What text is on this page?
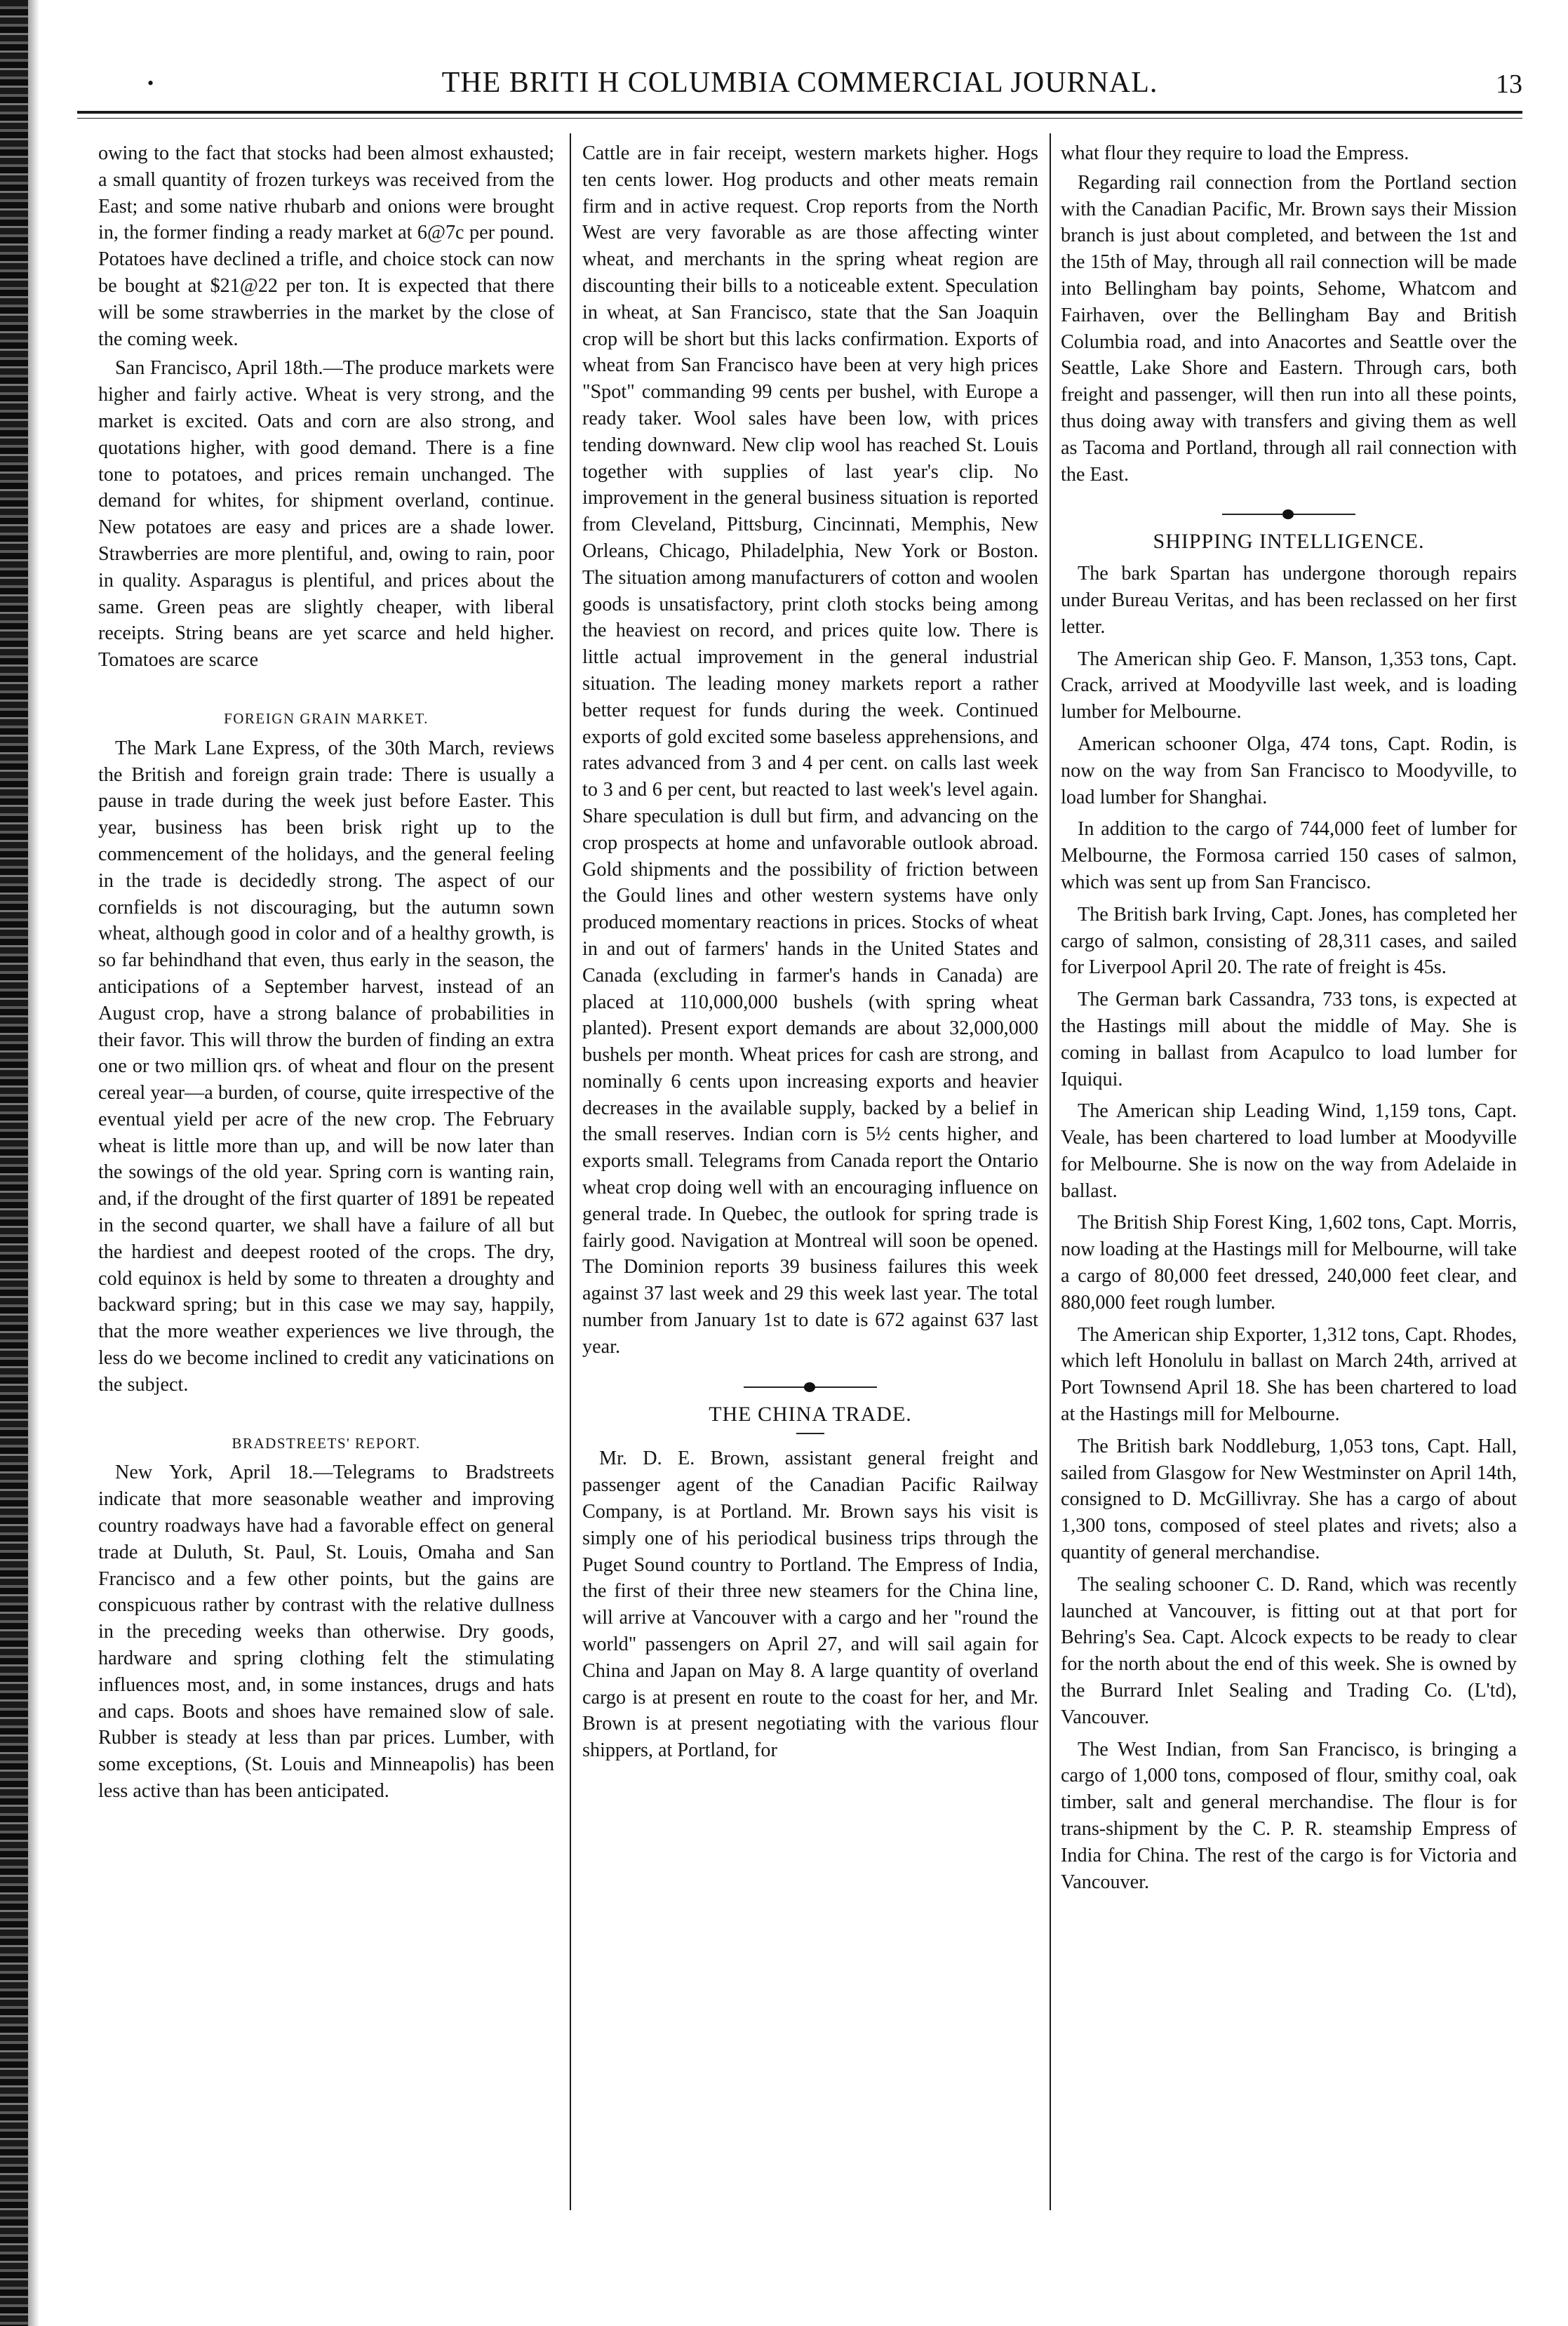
•	THE BRITI H COLUMBIA COMMERCIAL JOURNAL.	13

owing to the fact that stocks had been almost exhausted; a small quantity of frozen turkeys was received from the East; and some native rhubarb and onions were brought in, the former finding a ready market at 6@7c per pound. Potatoes have declined a trifle, and choice stock can now be bought at $21@22 per ton. It is expected that there will be some strawberries in the market by the close of the coming week.

San Francisco, April 18th.—The produce markets were higher and fairly active. Wheat is very strong, and the market is excited. Oats and corn are also strong, and quotations higher, with good demand. There is a fine tone to potatoes, and prices remain unchanged. The demand for whites, for shipment overland, continue. New potatoes are easy and prices are a shade lower. Strawberries are more plentiful, and, owing to rain, poor in quality. Asparagus is plentiful, and prices about the same. Green peas are slightly cheaper, with liberal receipts. String beans are yet scarce and held higher. Tomatoes are scarce

FOREIGN GRAIN MARKET.

The Mark Lane Express, of the 30th March, reviews the British and foreign grain trade: There is usually a pause in trade during the week just before Easter. This year, business has been brisk right up to the commencement of the holidays, and the general feeling in the trade is decidedly strong. The aspect of our cornfields is not discouraging, but the autumn sown wheat, although good in color and of a healthy growth, is so far behindhand that even, thus early in the season, the anticipations of a September harvest, instead of an August crop, have a strong balance of probabilities in their favor. This will throw the burden of finding an extra one or two million qrs. of wheat and flour on the present cereal year—a burden, of course, quite irrespective of the eventual yield per acre of the new crop. The February wheat is little more than up, and will be now later than the sowings of the old year. Spring corn is wanting rain, and, if the drought of the first quarter of 1891 be repeated in the second quarter, we shall have a failure of all but the hardiest and deepest rooted of the crops. The dry, cold equinox is held by some to threaten a droughty and backward spring; but in this case we may say, happily, that the more weather experiences we live through, the less do we become inclined to credit any vaticinations on the subject.

BRADSTREETS' REPORT.

New York, April 18.—Telegrams to Bradstreets indicate that more seasonable weather and improving country roadways have had a favorable effect on general trade at Duluth, St. Paul, St. Louis, Omaha and San Francisco and a few other points, but the gains are conspicuous rather by contrast with the relative dullness in the preceding weeks than otherwise. Dry goods, hardware and spring clothing felt the stimulating influences most, and, in some instances, drugs and hats and caps. Boots and shoes have remained slow of sale. Rubber is steady at less than par prices. Lumber, with some exceptions, (St. Louis and Minneapolis) has been less active than has been anticipated.

Cattle are in fair receipt, western markets higher. Hogs ten cents lower. Hog products and other meats remain firm and in active request. Crop reports from the North West are very favorable as are those affecting winter wheat, and merchants in the spring wheat region are discounting their bills to a noticeable extent. Speculation in wheat, at San Francisco, state that the San Joaquin crop will be short but this lacks confirmation. Exports of wheat from San Francisco have been at very high prices "Spot" commanding 99 cents per bushel, with Europe a ready taker. Wool sales have been low, with prices tending downward. New clip wool has reached St. Louis together with supplies of last year's clip. No improvement in the general business situation is reported from Cleveland, Pittsburg, Cincinnati, Memphis, New Orleans, Chicago, Philadelphia, New York or Boston. The situation among manufacturers of cotton and woolen goods is unsatisfactory, print cloth stocks being among the heaviest on record, and prices quite low. There is little actual improvement in the general industrial situation. The leading money markets report a rather better request for funds during the week. Continued exports of gold excited some baseless apprehensions, and rates advanced from 3 and 4 per cent. on calls last week to 3 and 6 per cent, but reacted to last week's level again. Share speculation is dull but firm, and advancing on the crop prospects at home and unfavorable outlook abroad. Gold shipments and the possibility of friction between the Gould lines and other western systems have only produced momentary reactions in prices. Stocks of wheat in and out of farmers' hands in the United States and Canada (excluding in farmer's hands in Canada) are placed at 110,000,000 bushels (with spring wheat planted). Present export demands are about 32,000,000 bushels per month. Wheat prices for cash are strong, and nominally 6 cents upon increasing exports and heavier decreases in the available supply, backed by a belief in the small reserves. Indian corn is 5½ cents higher, and exports small. Telegrams from Canada report the Ontario wheat crop doing well with an encouraging influence on general trade. In Quebec, the outlook for spring trade is fairly good. Navigation at Montreal will soon be opened. The Dominion reports 39 business failures this week against 37 last week and 29 this week last year. The total number from January 1st to date is 672 against 637 last year.

THE CHINA TRADE.

Mr. D. E. Brown, assistant general freight and passenger agent of the Canadian Pacific Railway Company, is at Portland. Mr. Brown says his visit is simply one of his periodical business trips through the Puget Sound country to Portland. The Empress of India, the first of their three new steamers for the China line, will arrive at Vancouver with a cargo and her "round the world" passengers on April 27, and will sail again for China and Japan on May 8. A large quantity of overland cargo is at present en route to the coast for her, and Mr. Brown is at present negotiating with the various flour shippers, at Portland, for

what flour they require to load the Empress.

Regarding rail connection from the Portland section with the Canadian Pacific, Mr. Brown says their Mission branch is just about completed, and between the 1st and the 15th of May, through all rail connection will be made into Bellingham bay points, Sehome, Whatcom and Fairhaven, over the Bellingham Bay and British Columbia road, and into Anacortes and Seattle over the Seattle, Lake Shore and Eastern. Through cars, both freight and passenger, will then run into all these points, thus doing away with transfers and giving them as well as Tacoma and Portland, through all rail connection with the East.

SHIPPING INTELLIGENCE.

The bark Spartan has undergone thorough repairs under Bureau Veritas, and has been reclassed on her first letter.

The American ship Geo. F. Manson, 1,353 tons, Capt. Crack, arrived at Moodyville last week, and is loading lumber for Melbourne.

American schooner Olga, 474 tons, Capt. Rodin, is now on the way from San Francisco to Moodyville, to load lumber for Shanghai.

In addition to the cargo of 744,000 feet of lumber for Melbourne, the Formosa carried 150 cases of salmon, which was sent up from San Francisco.

The British bark Irving, Capt. Jones, has completed her cargo of salmon, consisting of 28,311 cases, and sailed for Liverpool April 20. The rate of freight is 45s.

The German bark Cassandra, 733 tons, is expected at the Hastings mill about the middle of May. She is coming in ballast from Acapulco to load lumber for Iquiqui.

The American ship Leading Wind, 1,159 tons, Capt. Veale, has been chartered to load lumber at Moodyville for Melbourne. She is now on the way from Adelaide in ballast.

The British Ship Forest King, 1,602 tons, Capt. Morris, now loading at the Hastings mill for Melbourne, will take a cargo of 80,000 feet dressed, 240,000 feet clear, and 880,000 feet rough lumber.

The American ship Exporter, 1,312 tons, Capt. Rhodes, which left Honolulu in ballast on March 24th, arrived at Port Townsend April 18. She has been chartered to load at the Hastings mill for Melbourne.

The British bark Noddleburg, 1,053 tons, Capt. Hall, sailed from Glasgow for New Westminster on April 14th, consigned to D. McGillivray. She has a cargo of about 1,300 tons, composed of steel plates and rivets; also a quantity of general merchandise.

The sealing schooner C. D. Rand, which was recently launched at Vancouver, is fitting out at that port for Behring's Sea. Capt. Alcock expects to be ready to clear for the north about the end of this week. She is owned by the Burrard Inlet Sealing and Trading Co. (L'td), Vancouver.

The West Indian, from San Francisco, is bringing a cargo of 1,000 tons, composed of flour, smithy coal, oak timber, salt and general merchandise. The flour is for trans-shipment by the C. P. R. steamship Empress of India for China. The rest of the cargo is for Victoria and Vancouver.
